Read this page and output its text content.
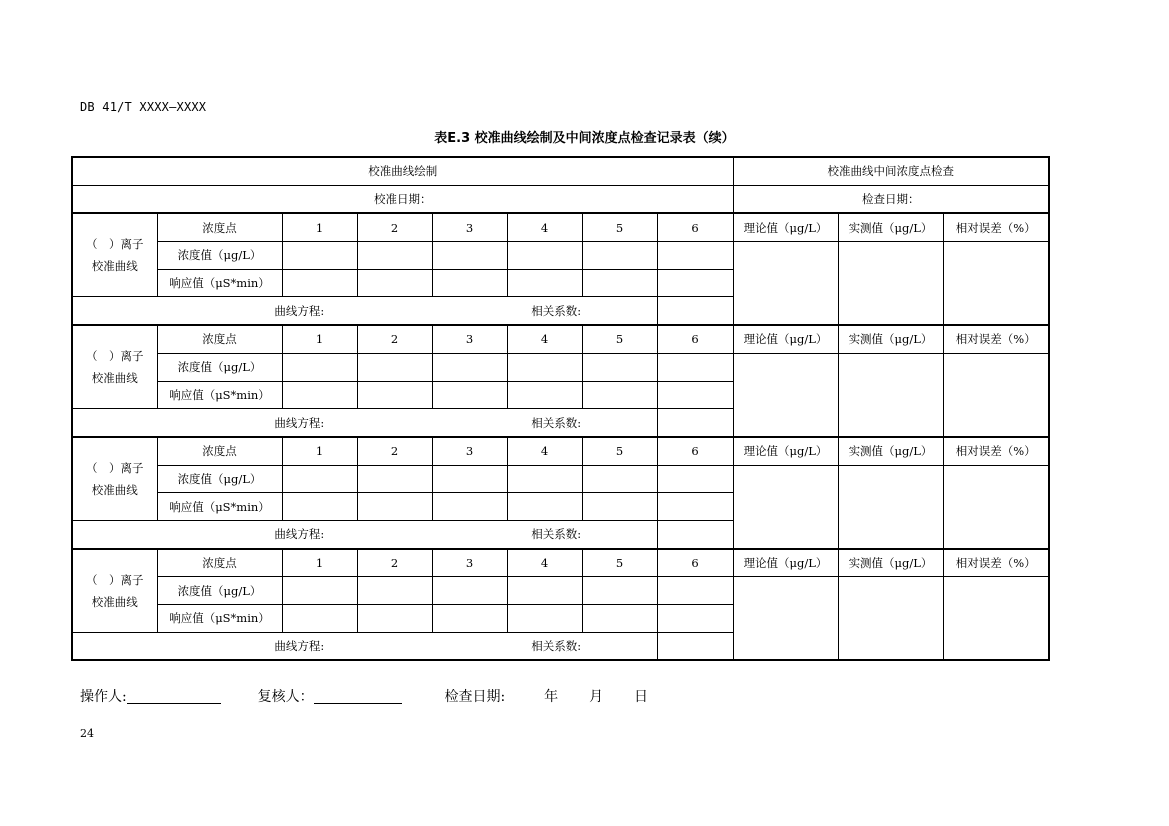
DB 41/T XXXX—XXXX
表E.3 校准曲线绘制及中间浓度点检查记录表（续）
校准曲线绘制								校准曲线中间浓度点检查		
校准日期：								检查日期：		

（　）离子
校准曲线	浓度点	1	2	3	4	5	6	理论值（μg/L）	实测值（μg/L）	相对误差（%）
	浓度值（μg/L）									
	响应值（μS*min）									
曲线方程: 相关系数:										

（　）离子
校准曲线	浓度点	1	2	3	4	5	6	理论值（μg/L）	实测值（μg/L）	相对误差（%）
	浓度值（μg/L）									
	响应值（μS*min）									
曲线方程: 相关系数:										

（　）离子
校准曲线	浓度点	1	2	3	4	5	6	理论值（μg/L）	实测值（μg/L）	相对误差（%）
	浓度值（μg/L）									
	响应值（μS*min）									
曲线方程: 相关系数:										

（　）离子
校准曲线	浓度点	1	2	3	4	5	6	理论值（μg/L）	实测值（μg/L）	相对误差（%）
	浓度值（μg/L）									
	响应值（μS*min）									
曲线方程: 相关系数:										
操作人:	复核人：	检查日期:	年 月 日
24
